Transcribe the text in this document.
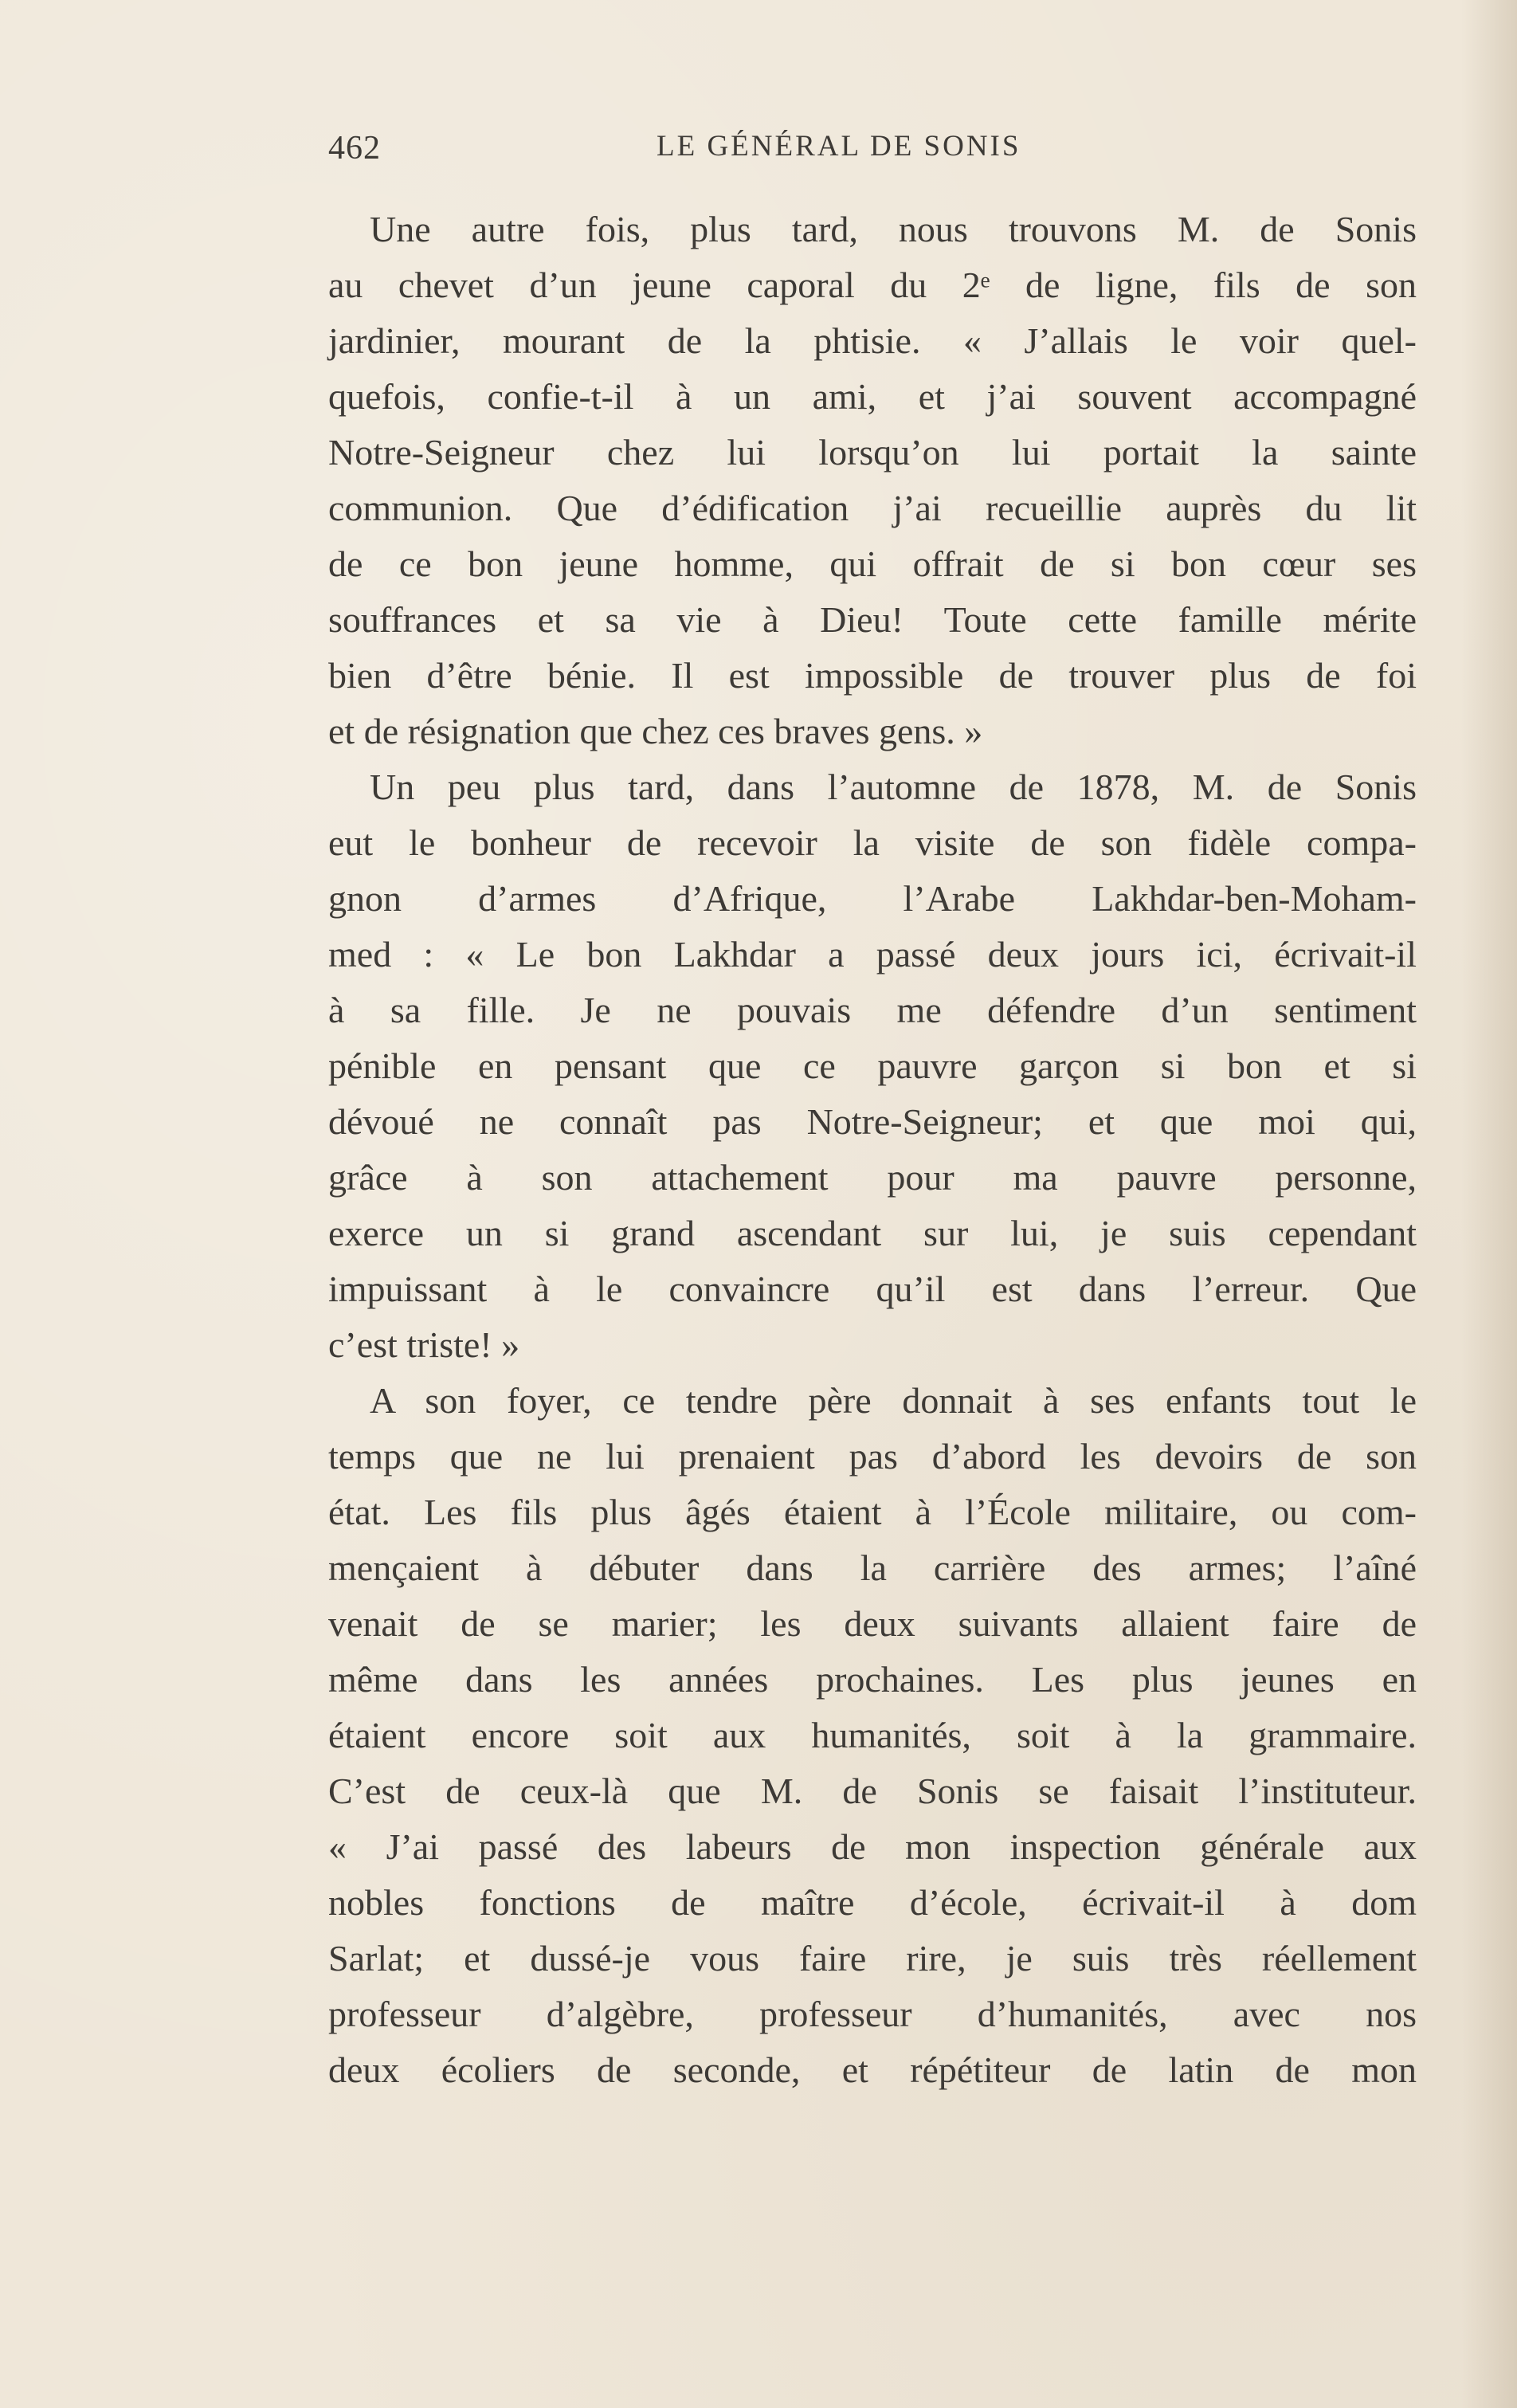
462	LE GÉNÉRAL DE SONIS
Une autre fois, plus tard, nous trouvons M. de Sonis
au chevet d’un jeune caporal du 2ᵉ de ligne, fils de son
jardinier, mourant de la phtisie. « J’allais le voir quel-
quefois, confie-t-il à un ami, et j’ai souvent accompagné
Notre-Seigneur chez lui lorsqu’on lui portait la sainte
communion. Que d’édification j’ai recueillie auprès du lit
de ce bon jeune homme, qui offrait de si bon cœur ses
souffrances et sa vie à Dieu! Toute cette famille mérite
bien d’être bénie. Il est impossible de trouver plus de foi
et de résignation que chez ces braves gens. »
Un peu plus tard, dans l’automne de 1878, M. de Sonis
eut le bonheur de recevoir la visite de son fidèle compa-
gnon d’armes d’Afrique, l’Arabe Lakhdar-ben-Moham-
med : « Le bon Lakhdar a passé deux jours ici, écrivait-il
à sa fille. Je ne pouvais me défendre d’un sentiment
pénible en pensant que ce pauvre garçon si bon et si
dévoué ne connaît pas Notre-Seigneur; et que moi qui,
grâce à son attachement pour ma pauvre personne,
exerce un si grand ascendant sur lui, je suis cependant
impuissant à le convaincre qu’il est dans l’erreur. Que
c’est triste! »
A son foyer, ce tendre père donnait à ses enfants tout le
temps que ne lui prenaient pas d’abord les devoirs de son
état. Les fils plus âgés étaient à l’École militaire, ou com-
mençaient à débuter dans la carrière des armes; l’aîné
venait de se marier; les deux suivants allaient faire de
même dans les années prochaines. Les plus jeunes en
étaient encore soit aux humanités, soit à la grammaire.
C’est de ceux-là que M. de Sonis se faisait l’instituteur.
« J’ai passé des labeurs de mon inspection générale aux
nobles fonctions de maître d’école, écrivait-il à dom
Sarlat; et dussé-je vous faire rire, je suis très réellement
professeur d’algèbre, professeur d’humanités, avec nos
deux écoliers de seconde, et répétiteur de latin de mon
